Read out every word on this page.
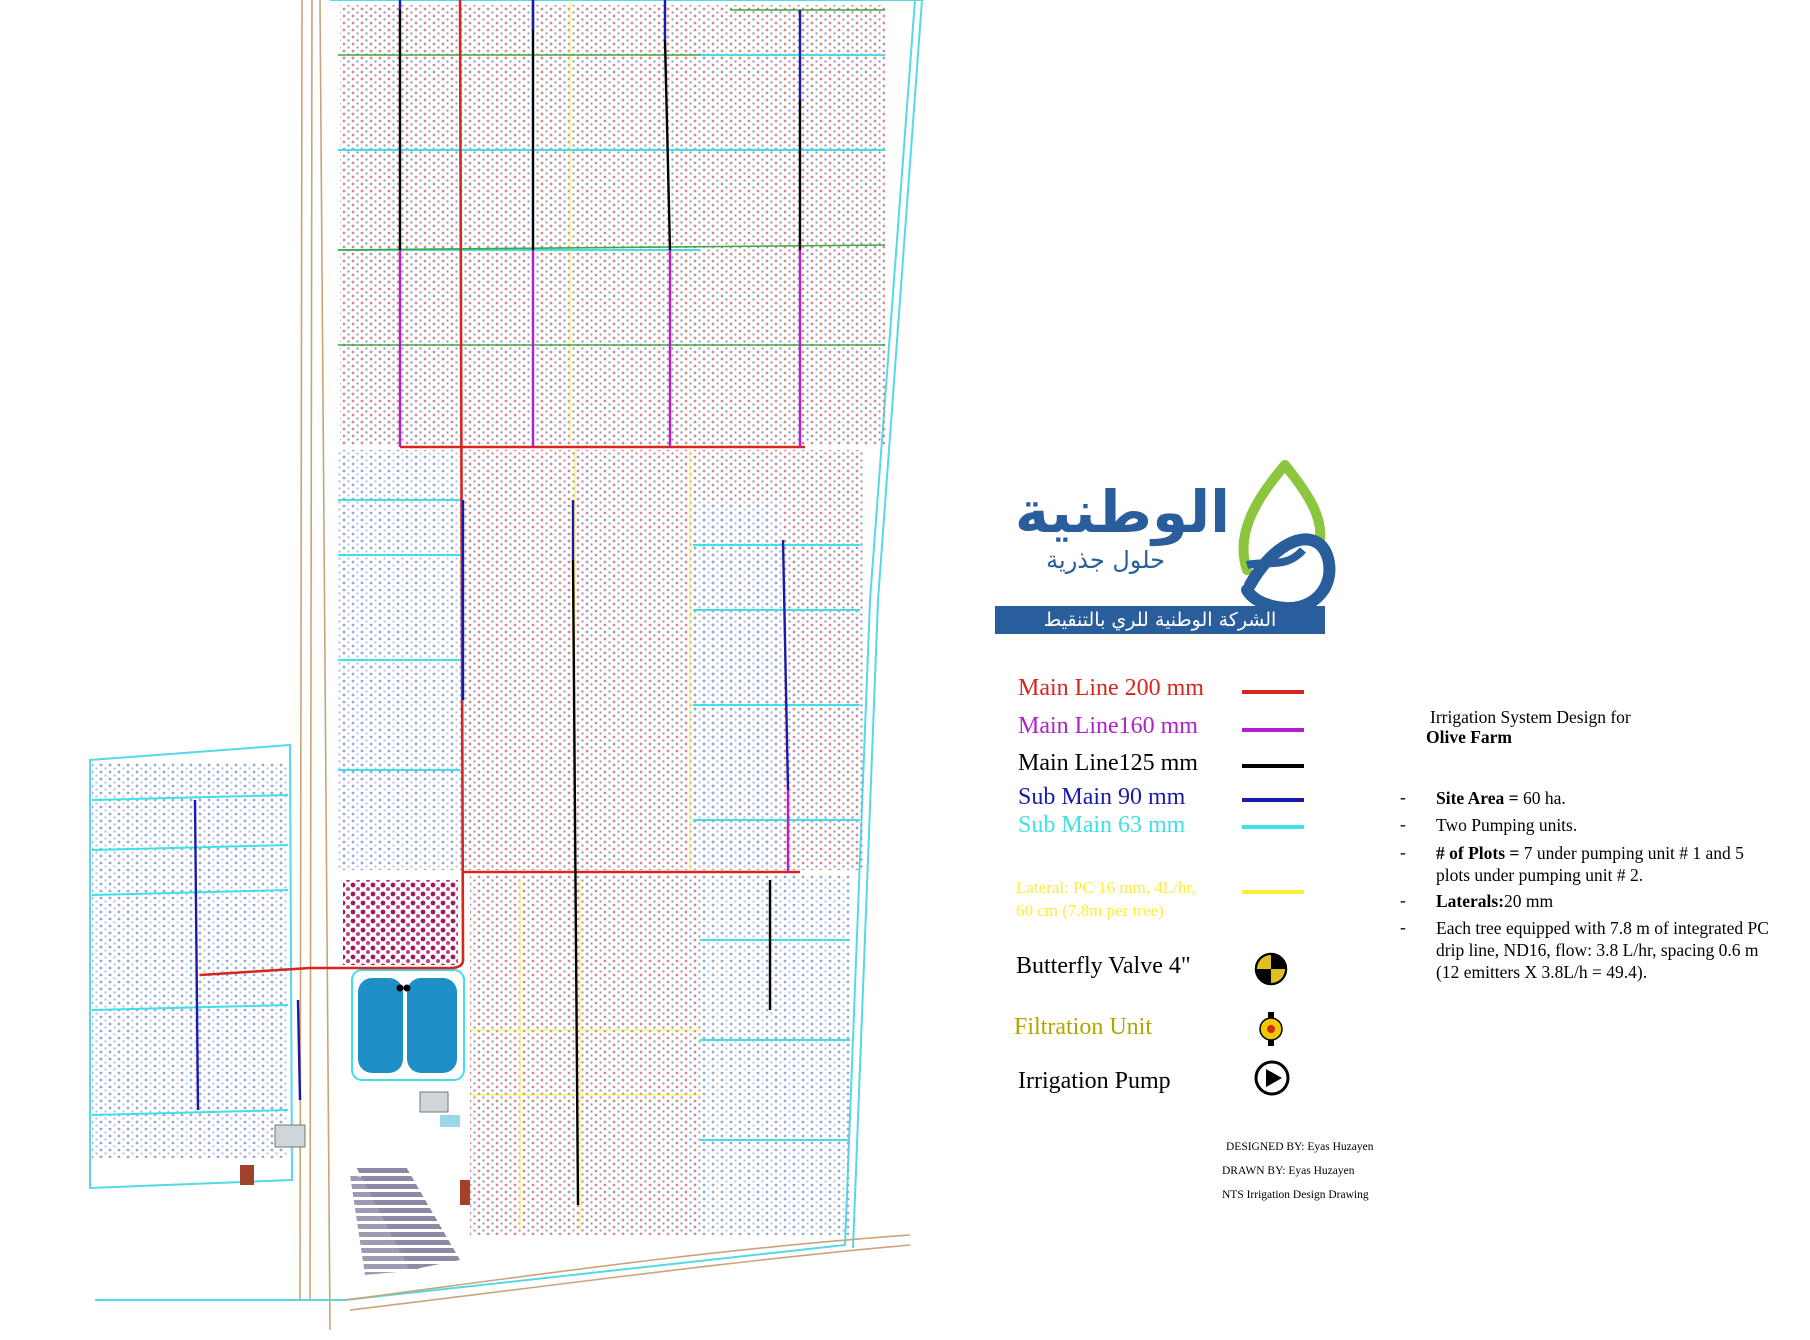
الوطنية
حلول جذرية
الشركة الوطنية للري بالتنقيط
Main Line 200 mm
Main Line160 mm
Main Line125 mm
Sub Main 90 mm
Sub Main 63 mm
Lateral: PC 16 mm, 4L/hr, 60 cm (7.8m per tree)
Butterfly Valve 4"
Filtration Unit
Irrigation Pump
Irrigation System Design for
Olive Farm
- Site Area = 60 ha.
- Two Pumping units.
- # of Plots = 7 under pumping unit # 1 and 5 plots under pumping unit # 2.
- Laterals:20 mm
- Each tree equipped with 7.8 m of integrated PC drip line, ND16, flow: 3.8 L/hr, spacing 0.6 m (12 emitters X 3.8L/h = 49.4).
DESIGNED BY: Eyas Huzayen
DRAWN BY: Eyas Huzayen
NTS Irrigation Design Drawing
